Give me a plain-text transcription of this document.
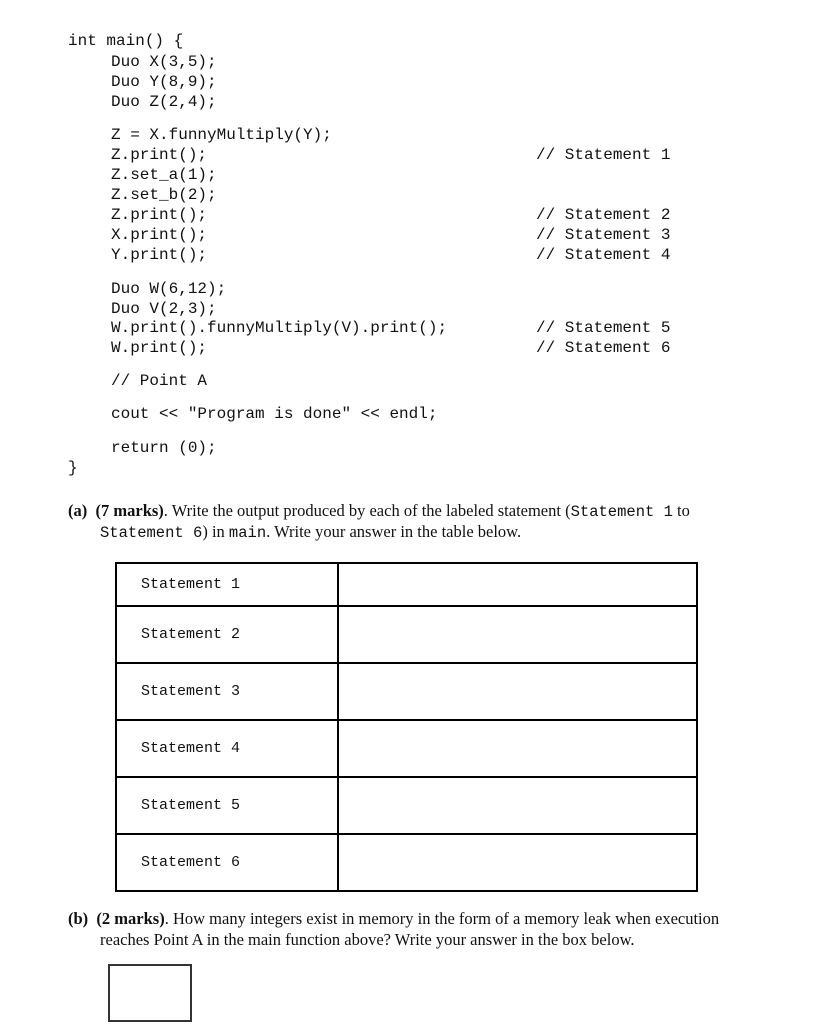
int main() {
Duo X(3,5);
Duo Y(8,9);
Duo Z(2,4);
Z = X.funnyMultiply(Y);
Z.print();	// Statement 1
Z.set_a(1);
Z.set_b(2);
Z.print();	// Statement 2
X.print();	// Statement 3
Y.print();	// Statement 4
Duo W(6,12);
Duo V(2,3);
W.print().funnyMultiply(V).print();	// Statement 5
W.print();	// Statement 6
// Point A
cout << "Program is done" << endl;
return (0);
}
(a) (7 marks). Write the output produced by each of the labeled statement (Statement 1 to
Statement 6) in main. Write your answer in the table below.
Statement 1	
Statement 2	
Statement 3	
Statement 4	
Statement 5	
Statement 6	
(b) (2 marks). How many integers exist in memory in the form of a memory leak when execution
reaches Point A in the main function above? Write your answer in the box below.
